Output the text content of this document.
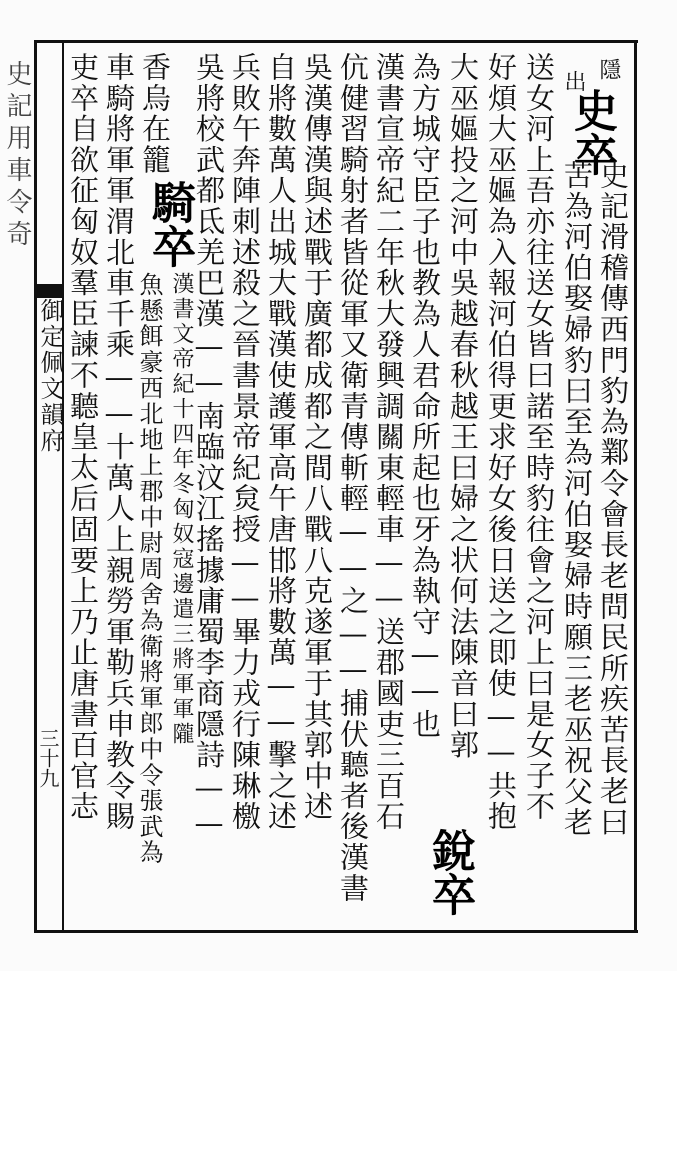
史記用車令奇
御定佩文韻府
三十九
隱
出
史卒
史記滑稽傳西門豹為鄴令會長老問民所疾苦長老曰
苦為河伯娶婦豹曰至為河伯娶婦時願三老巫祝父老
送女河上吾亦往送女皆曰諾至時豹往會之河上曰是女子不
好煩大巫嫗為入報河伯得更求好女後日送之即使——共抱
大巫嫗投之河中吳越春秋越王曰婦之状何法陳音曰郭
銳卒
為方城守臣子也教為人君命所起也牙為執守——也
漢書宣帝紀二年秋大發興調關東輕車——送郡國吏三百石
伉健習騎射者皆從軍又衛青傳斬輕——之——捕伏聽者後漢書
吳漢傳漢與述戰于廣都成都之間八戰八克遂軍于其郭中述
自將數萬人出城大戰漢使護軍高午唐邯將數萬——擊之述
兵敗午奔陣刺述殺之晉書景帝紀炱授——畢力戎行陳琳檄
吳將校武都氐羌巴漢——南臨汶江搖據庸蜀李商隱詩——
漢書文帝紀十四年冬匈奴寇邊遣三將軍軍隴
魚懸餌豪西北地上郡中尉周舍為衛將軍郎中令張武為
香烏在籠
騎卒
車騎將軍軍渭北車千乘——十萬人上親勞軍勒兵申教令賜
吏卒自欲征匈奴羣臣諫不聽皇太后固要上乃止唐書百官志
